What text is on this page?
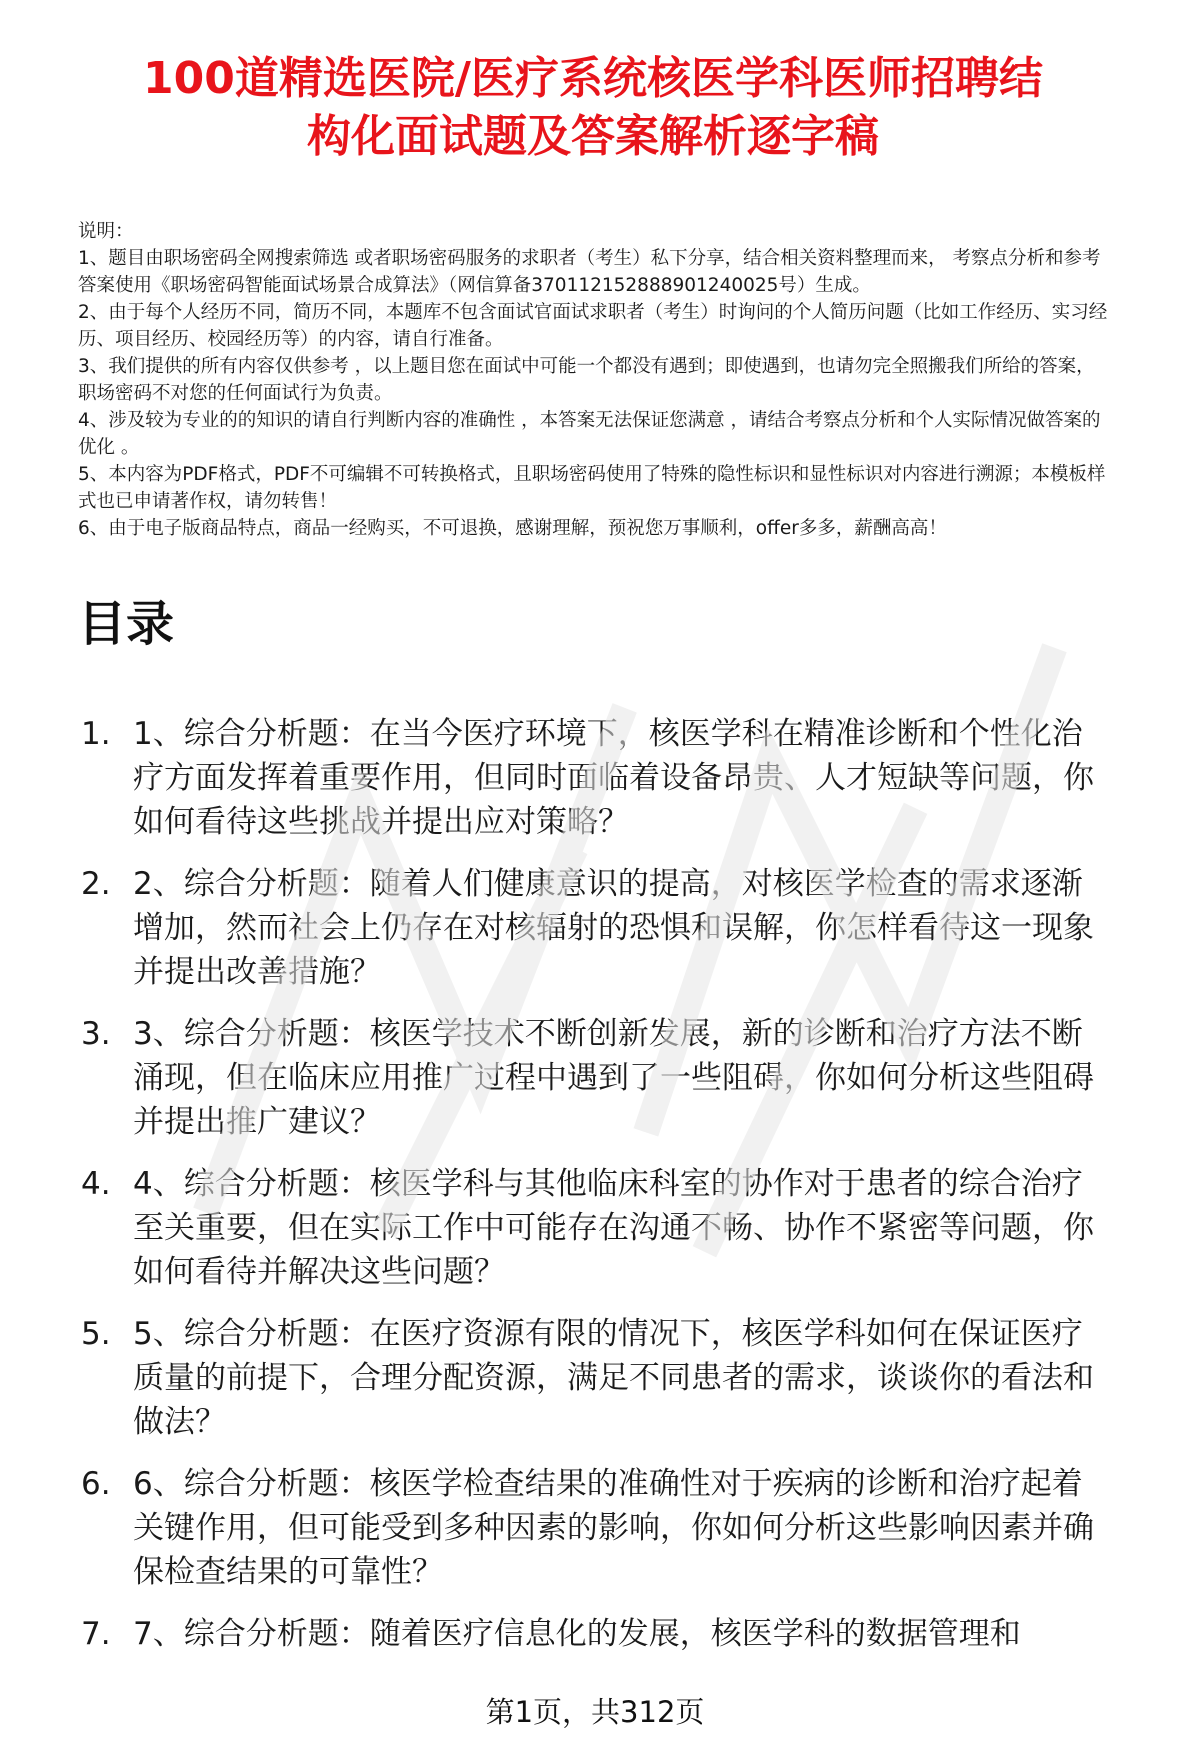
100道精选医院/医疗系统核医学科医师招聘结
构化面试题及答案解析逐字稿

说明：

1、题目由职场密码全网搜索筛选 或者职场密码服务的求职者（考生）私下分享，结合相关资料整理而来， 考察点分析和参考答案使用《职场密码智能面试场景合成算法》（网信算备370112152888901240025号）生成。

2、由于每个人经历不同，简历不同，本题库不包含面试官面试求职者（考生）时询问的个人简历问题（比如工作经历、实习经历、项目经历、校园经历等）的内容，请自行准备。

3、我们提供的所有内容仅供参考 ，以上题目您在面试中可能一个都没有遇到；即使遇到，也请勿完全照搬我们所给的答案，职场密码不对您的任何面试行为负责。

4、涉及较为专业的的知识的请自行判断内容的准确性 ，本答案无法保证您满意 ，请结合考察点分析和个人实际情况做答案的优化 。

5、本内容为PDF格式，PDF不可编辑不可转换格式，且职场密码使用了特殊的隐性标识和显性标识对内容进行溯源；本模板样式也已申请著作权，请勿转售！

6、由于电子版商品特点，商品一经购买，不可退换，感谢理解，预祝您万事顺利，offer多多，薪酬高高！

目录
1. 1、综合分析题：在当今医疗环境下，核医学科在精准诊断和个性化治疗方面发挥着重要作用，但同时面临着设备昂贵、人才短缺等问题，你如何看待这些挑战并提出应对策略？
2. 2、综合分析题：随着人们健康意识的提高，对核医学检查的需求逐渐增加，然而社会上仍存在对核辐射的恐惧和误解，你怎样看待这一现象并提出改善措施？
3. 3、综合分析题：核医学技术不断创新发展，新的诊断和治疗方法不断涌现，但在临床应用推广过程中遇到了一些阻碍，你如何分析这些阻碍并提出推广建议？
4. 4、综合分析题：核医学科与其他临床科室的协作对于患者的综合治疗至关重要，但在实际工作中可能存在沟通不畅、协作不紧密等问题，你如何看待并解决这些问题？
5. 5、综合分析题：在医疗资源有限的情况下，核医学科如何在保证医疗质量的前提下，合理分配资源，满足不同患者的需求，谈谈你的看法和做法？
6. 6、综合分析题：核医学检查结果的准确性对于疾病的诊断和治疗起着关键作用，但可能受到多种因素的影响，你如何分析这些影响因素并确保检查结果的可靠性？
7. 7、综合分析题：随着医疗信息化的发展，核医学科的数据管理和
第1页，共312页
